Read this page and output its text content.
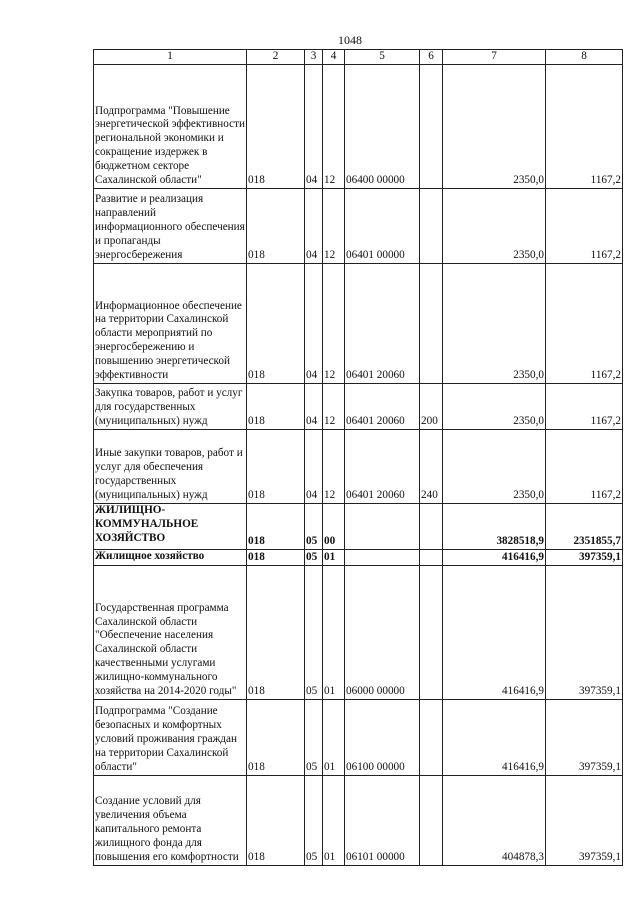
1048
1	2	3	4	5	6	7	8
Подпрограмма "Повышение энергетической эффективности региональной экономики и сокращение издержек в бюджетном секторе Сахалинской области"	018	04	12	06400 00000		2350,0	1167,2
Развитие и реализация направлений информационного обеспечения и пропаганды энергосбережения	018	04	12	06401 00000		2350,0	1167,2
Информационное обеспечение на территории Сахалинской области мероприятий по энергосбережению и повышению энергетической эффективности	018	04	12	06401 20060		2350,0	1167,2
Закупка товаров, работ и услуг для государственных (муниципальных) нужд	018	04	12	06401 20060	200	2350,0	1167,2
Иные закупки товаров, работ и услуг для обеспечения государственных (муниципальных) нужд	018	04	12	06401 20060	240	2350,0	1167,2
ЖИЛИЩНО-КОММУНАЛЬНОЕ ХОЗЯЙСТВО	018	05	00			3828518,9	2351855,7
Жилищное хозяйство	018	05	01			416416,9	397359,1
Государственная программа Сахалинской области "Обеспечение населения Сахалинской области качественными услугами жилищно-коммунального хозяйства на 2014-2020 годы"	018	05	01	06000 00000		416416,9	397359,1
Подпрограмма "Создание безопасных и комфортных условий проживания граждан на территории Сахалинской области"	018	05	01	06100 00000		416416,9	397359,1
Создание условий для увеличения объема капитального ремонта жилищного фонда для повышения его комфортности	018	05	01	06101 00000		404878,3	397359,1
